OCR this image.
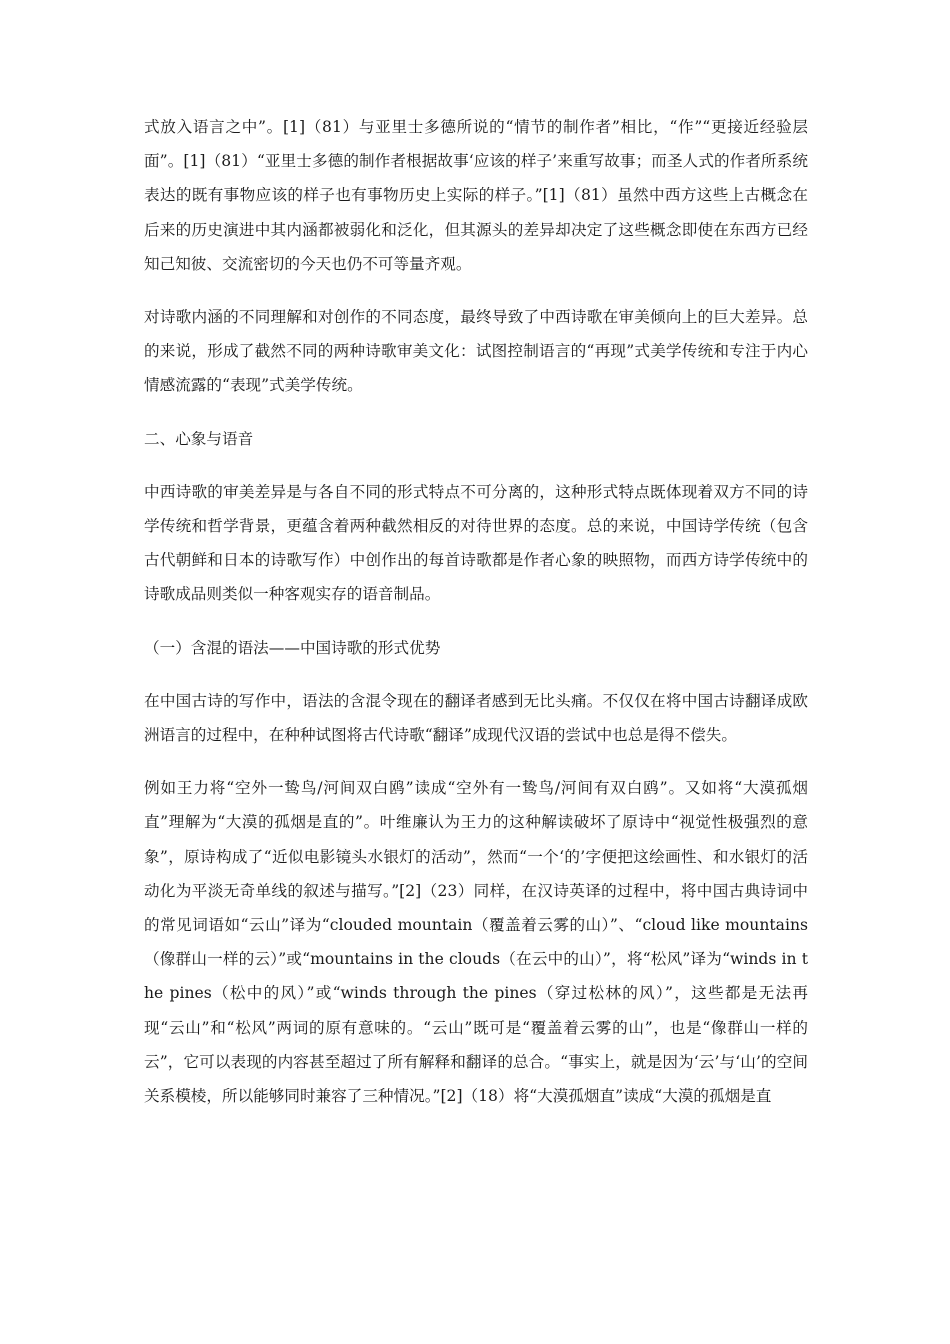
式放入语言之中”。[1]（81）与亚里士多德所说的“情节的制作者”相比，“作”“更接近经验层面”。[1]（81）“亚里士多德的制作者根据故事‘应该的样子’来重写故事；而圣人式的作者所系统表达的既有事物应该的样子也有事物历史上实际的样子。”[1]（81）虽然中西方这些上古概念在后来的历史演进中其内涵都被弱化和泛化，但其源头的差异却决定了这些概念即使在东西方已经知己知彼、交流密切的今天也仍不可等量齐观。

对诗歌内涵的不同理解和对创作的不同态度，最终导致了中西诗歌在审美倾向上的巨大差异。总的来说，形成了截然不同的两种诗歌审美文化：试图控制语言的“再现”式美学传统和专注于内心情感流露的“表现”式美学传统。

二、心象与语音

中西诗歌的审美差异是与各自不同的形式特点不可分离的，这种形式特点既体现着双方不同的诗学传统和哲学背景，更蕴含着两种截然相反的对待世界的态度。总的来说，中国诗学传统（包含古代朝鲜和日本的诗歌写作）中创作出的每首诗歌都是作者心象的映照物，而西方诗学传统中的诗歌成品则类似一种客观实存的语音制品。

（一）含混的语法——中国诗歌的形式优势

在中国古诗的写作中，语法的含混令现在的翻译者感到无比头痛。不仅仅在将中国古诗翻译成欧洲语言的过程中，在种种试图将古代诗歌“翻译”成现代汉语的尝试中也总是得不偿失。

例如王力将“空外一鸷鸟/河间双白鸥”读成“空外有一鸷鸟/河间有双白鸥”。又如将“大漠孤烟直”理解为“大漠的孤烟是直的”。叶维廉认为王力的这种解读破坏了原诗中“视觉性极强烈的意象”，原诗构成了“近似电影镜头水银灯的活动”，然而“一个‘的’字便把这绘画性、和水银灯的活动化为平淡无奇单线的叙述与描写。”[2]（23）同样，在汉诗英译的过程中，将中国古典诗词中的常见词语如“云山”译为“clouded mountain（覆盖着云雾的山）”、“cloud like mountains（像群山一样的云）”或“mountains in the clouds（在云中的山）”，将“松风”译为“winds in the pines（松中的风）”或“winds through the pines（穿过松林的风）”，这些都是无法再现“云山”和“松风”两词的原有意味的。“云山”既可是“覆盖着云雾的山”，也是“像群山一样的云”，它可以表现的内容甚至超过了所有解释和翻译的总合。“事实上，就是因为‘云’与‘山’的空间关系模棱，所以能够同时兼容了三种情况。”[2]（18）将“大漠孤烟直”读成“大漠的孤烟是直
